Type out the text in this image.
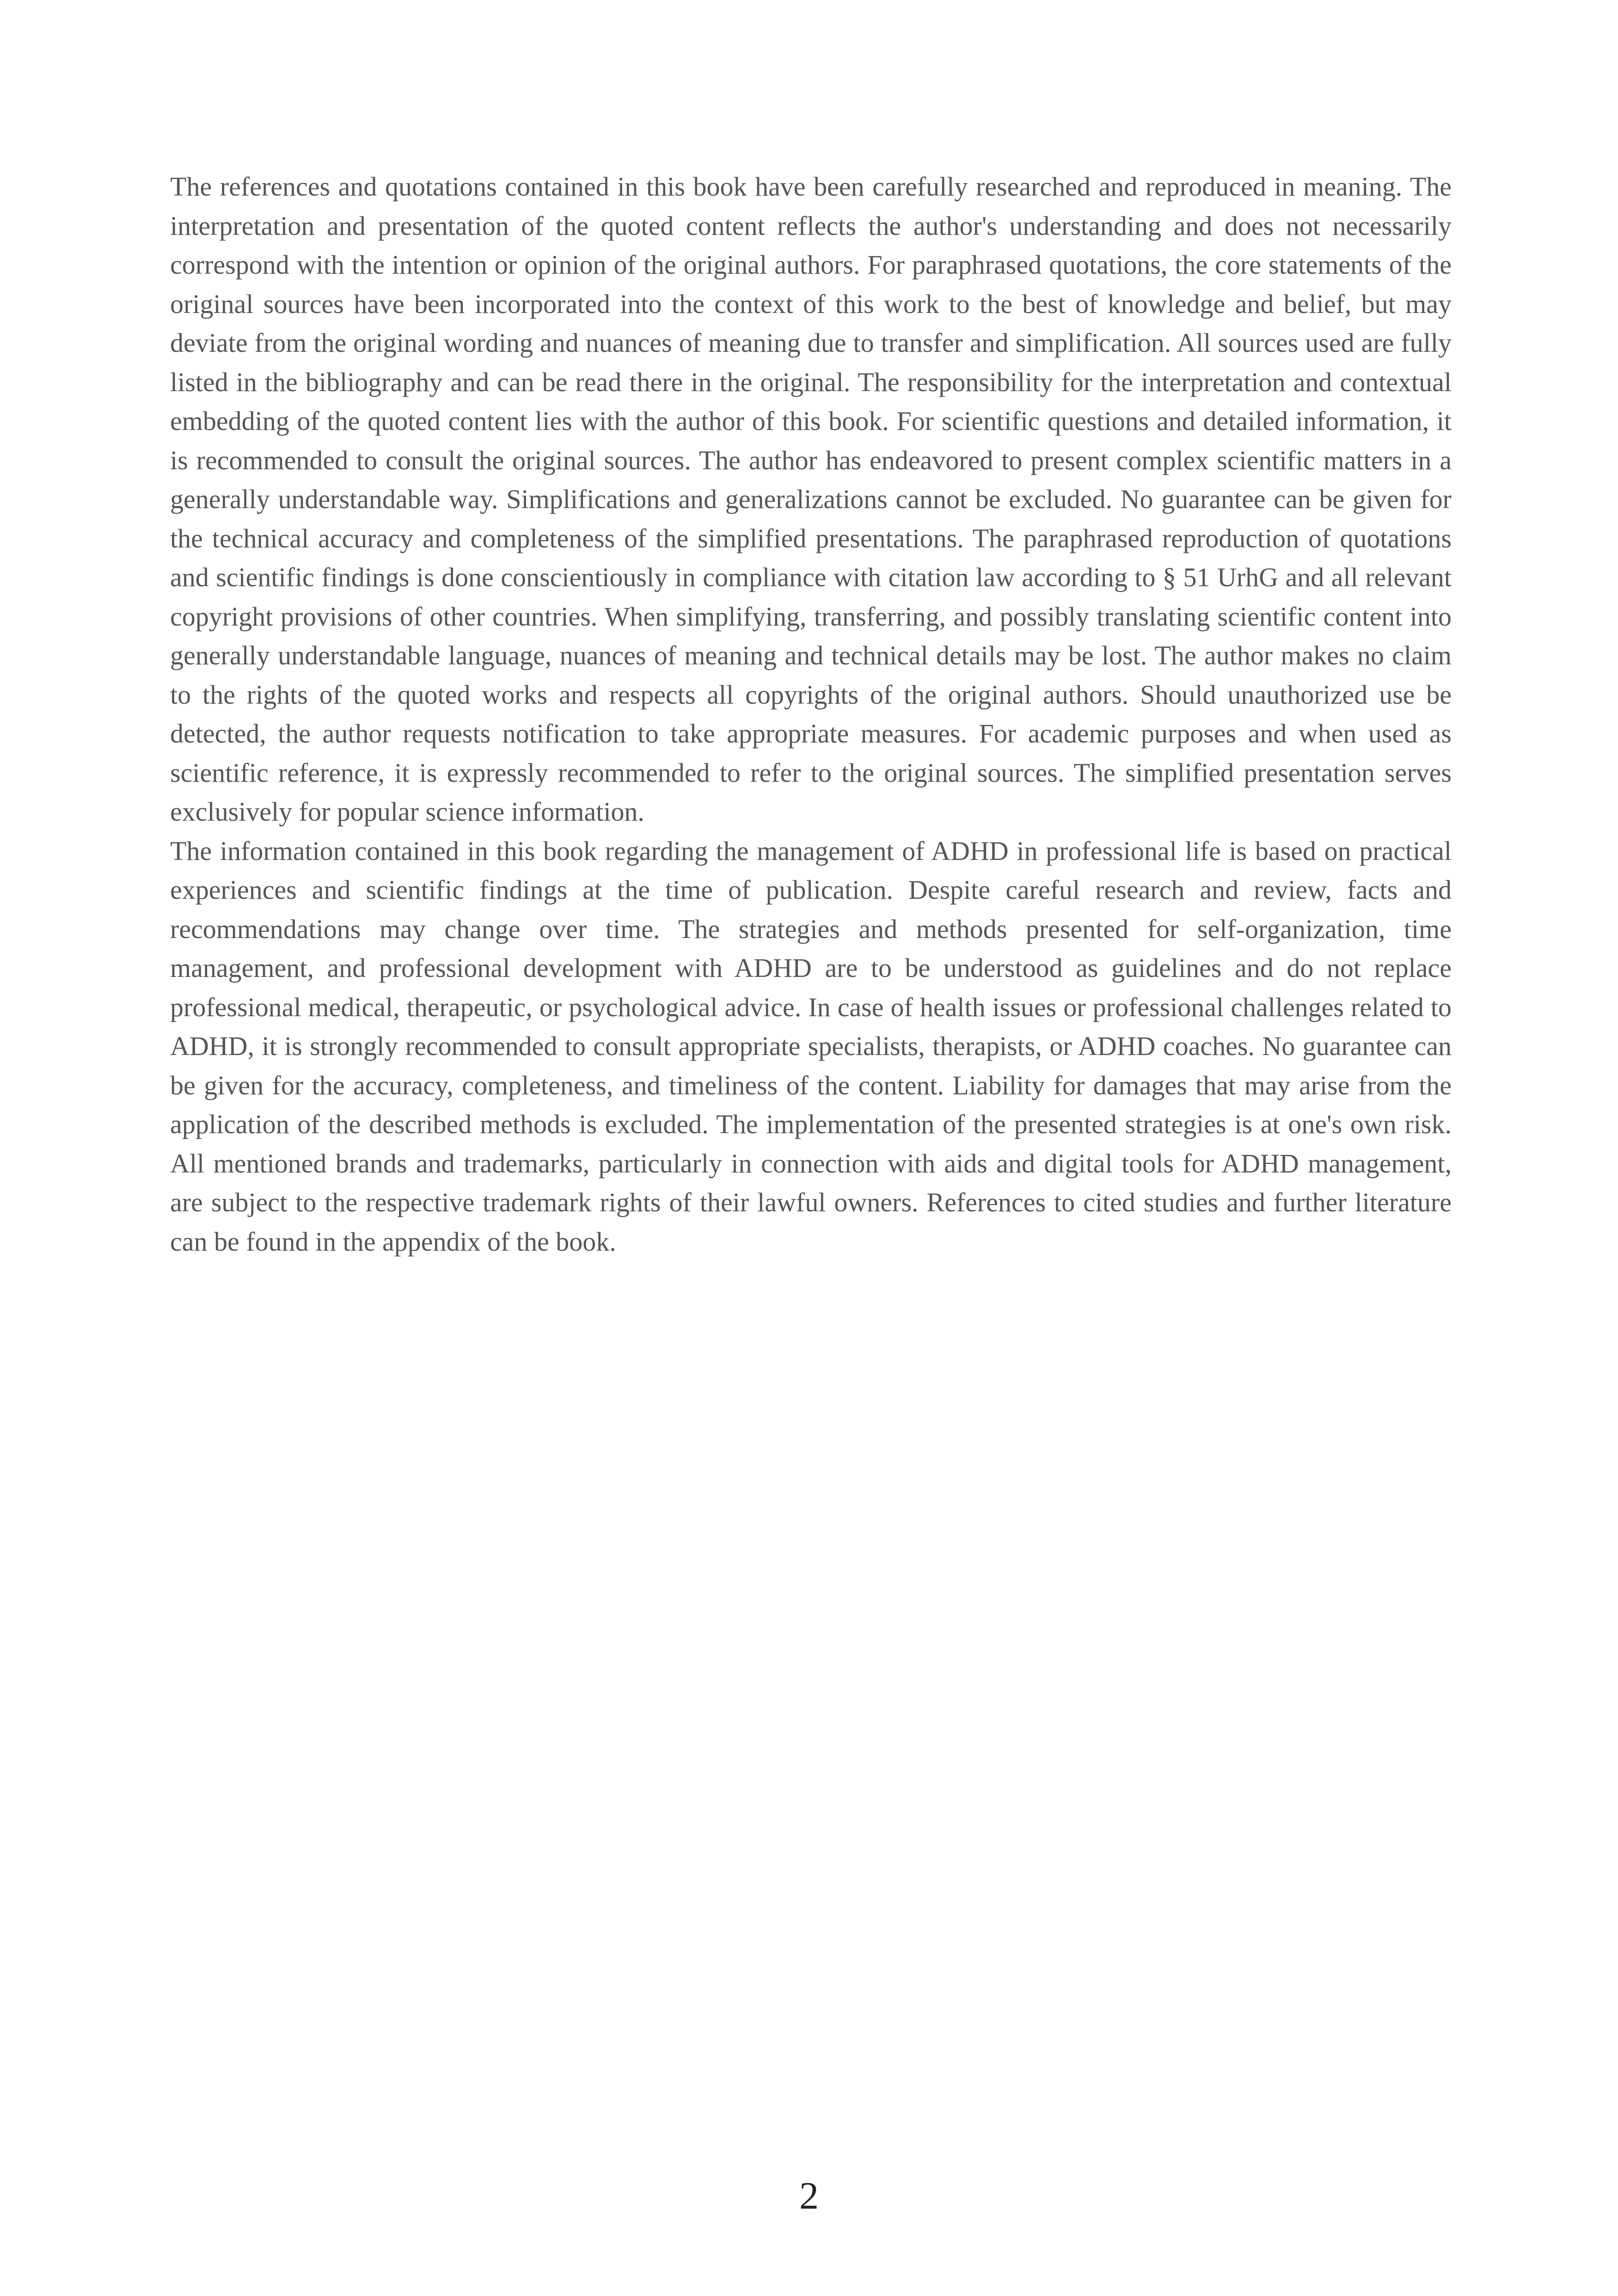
The references and quotations contained in this book have been carefully researched and reproduced in meaning. The interpretation and presentation of the quoted content reflects the author's understanding and does not necessarily correspond with the intention or opinion of the original authors. For paraphrased quotations, the core statements of the original sources have been incorporated into the context of this work to the best of knowledge and belief, but may deviate from the original wording and nuances of meaning due to transfer and simplification. All sources used are fully listed in the bibliography and can be read there in the original. The responsibility for the interpretation and contextual embedding of the quoted content lies with the author of this book. For scientific questions and detailed information, it is recommended to consult the original sources. The author has endeavored to present complex scientific matters in a generally understandable way. Simplifications and generalizations cannot be excluded. No guarantee can be given for the technical accuracy and completeness of the simplified presentations. The paraphrased reproduction of quotations and scientific findings is done conscientiously in compliance with citation law according to § 51 UrhG and all relevant copyright provisions of other countries. When simplifying, transferring, and possibly translating scientific content into generally understandable language, nuances of meaning and technical details may be lost. The author makes no claim to the rights of the quoted works and respects all copyrights of the original authors. Should unauthorized use be detected, the author requests notification to take appropriate measures. For academic purposes and when used as scientific reference, it is expressly recommended to refer to the original sources. The simplified presentation serves exclusively for popular science information.

The information contained in this book regarding the management of ADHD in professional life is based on practical experiences and scientific findings at the time of publication. Despite careful research and review, facts and recommendations may change over time. The strategies and methods presented for self-organization, time management, and professional development with ADHD are to be understood as guidelines and do not replace professional medical, therapeutic, or psychological advice. In case of health issues or professional challenges related to ADHD, it is strongly recommended to consult appropriate specialists, therapists, or ADHD coaches. No guarantee can be given for the accuracy, completeness, and timeliness of the content. Liability for damages that may arise from the application of the described methods is excluded. The implementation of the presented strategies is at one's own risk. All mentioned brands and trademarks, particularly in connection with aids and digital tools for ADHD management, are subject to the respective trademark rights of their lawful owners. References to cited studies and further literature can be found in the appendix of the book.

2
